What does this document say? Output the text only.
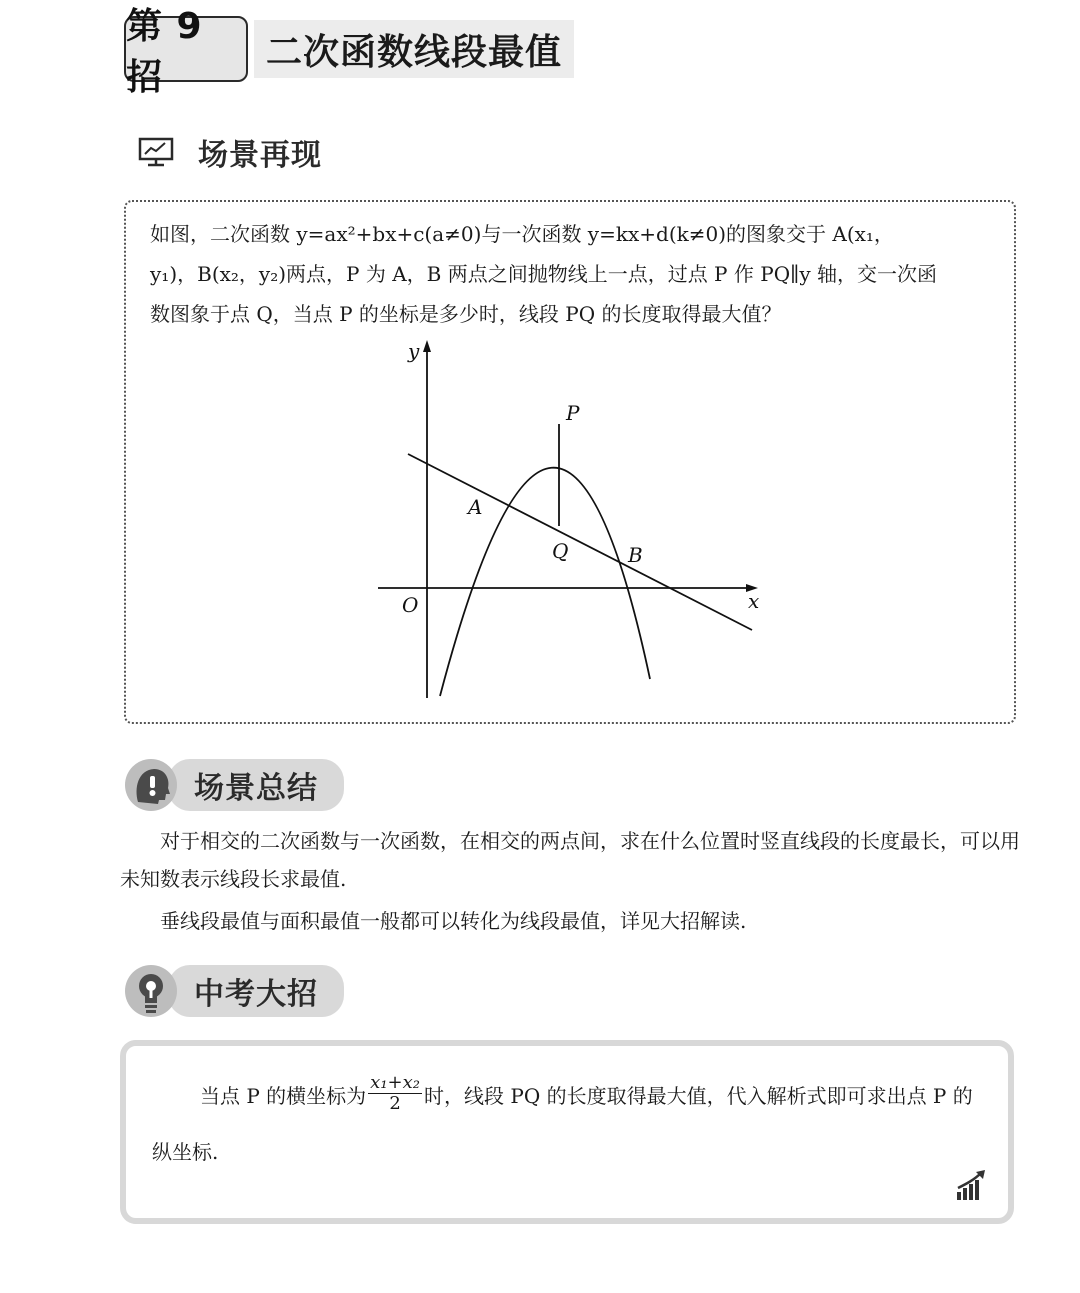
第 9 招
二次函数线段最值
场景再现
如图，二次函数 y=ax²+bx+c(a≠0)与一次函数 y=kx+d(k≠0)的图象交于 A(x₁，
y₁)，B(x₂，y₂)两点，P 为 A，B 两点之间抛物线上一点，过点 P 作 PQ∥y 轴，交一次函
数图象于点 Q，当点 P 的坐标是多少时，线段 PQ 的长度取得最大值？
y
x
O
P
A
Q	B
场景总结

对于相交的二次函数与一次函数，在相交的两点间，求在什么位置时竖直线段的长度最长，可以用未知数表示线段长求最值.

垂线段最值与面积最值一般都可以转化为线段最值，详见大招解读.

中考大招
当点 P 的横坐标为 $\frac{\text{x₁+x₂}}{2}$ 时，线段 PQ 的长度取得最大值，代入解析式即可求出点 P 的纵坐标.
